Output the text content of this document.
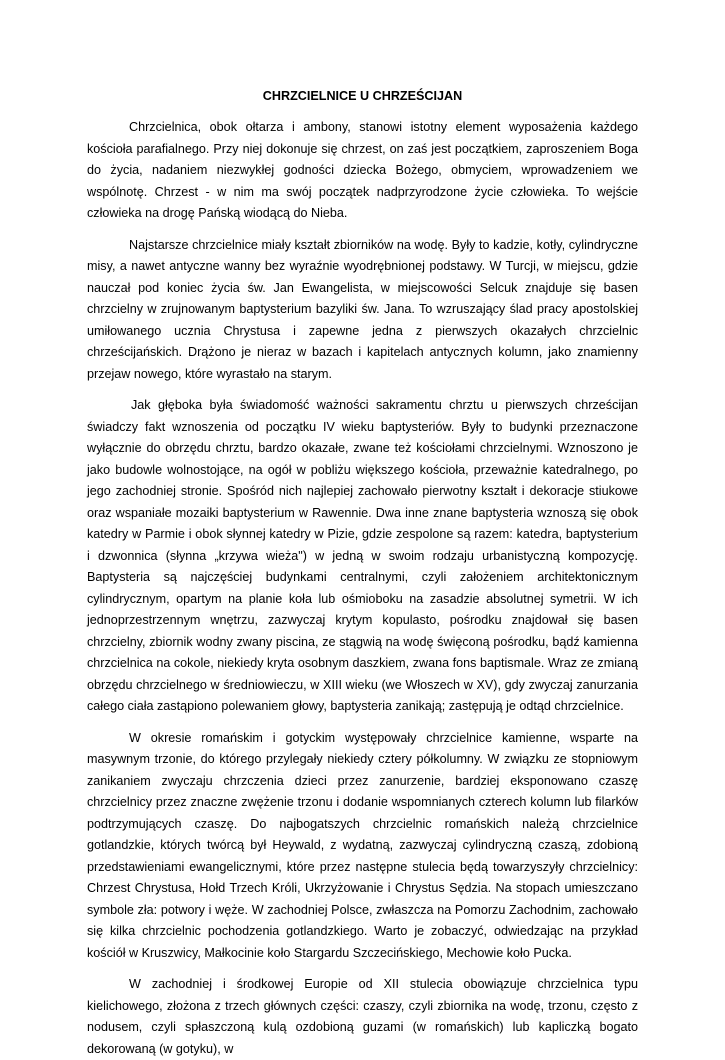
CHRZCIELNICE U CHRZEŚCIJAN

Chrzcielnica, obok ołtarza i ambony, stanowi istotny element wyposażenia każdego kościoła parafialnego. Przy niej dokonuje się chrzest, on zaś jest początkiem, zaproszeniem Boga do życia, nadaniem niezwykłej godności dziecka Bożego, obmyciem, wprowadzeniem we wspólnotę. Chrzest - w nim ma swój początek nadprzyrodzone życie człowieka. To wejście człowieka na drogę Pańską wiodącą do Nieba.

Najstarsze chrzcielnice miały kształt zbiorników na wodę. Były to kadzie, kotły, cylindryczne misy, a nawet antyczne wanny bez wyraźnie wyodrębnionej podstawy. W Turcji, w miejscu, gdzie nauczał pod koniec życia św. Jan Ewangelista, w miejscowości Selcuk znajduje się basen chrzcielny w zrujnowanym baptysterium bazyliki św. Jana. To wzruszający ślad pracy apostolskiej umiłowanego ucznia Chrystusa i zapewne jedna z pierwszych okazałych chrzcielnic chrześcijańskich. Drążono je nieraz w bazach i kapitelach antycznych kolumn, jako znamienny przejaw nowego, które wyrastało na starym.

Jak głęboka była świadomość ważności sakramentu chrztu u pierwszych chrześcijan świadczy fakt wznoszenia od początku IV wieku baptysteriów. Były to budynki przeznaczone wyłącznie do obrzędu chrztu, bardzo okazałe, zwane też kościołami chrzcielnymi. Wznoszono je jako budowle wolnostojące, na ogół w pobliżu większego kościoła, przeważnie katedralnego, po jego zachodniej stronie. Spośród nich najlepiej zachowało pierwotny kształt i dekoracje stiukowe oraz wspaniałe mozaiki baptysterium w Rawennie. Dwa inne znane baptysteria wznoszą się obok katedry w Parmie i obok słynnej katedry w Pizie, gdzie zespolone są razem: katedra, baptysterium i dzwonnica (słynna „krzywa wieża") w jedną w swoim rodzaju urbanistyczną kompozycję. Baptysteria są najczęściej budynkami centralnymi, czyli założeniem architektonicznym cylindrycznym, opartym na planie koła lub ośmioboku na zasadzie absolutnej symetrii. W ich jednoprzestrzennym wnętrzu, zazwyczaj krytym kopulasto, pośrodku znajdował się basen chrzcielny, zbiornik wodny zwany piscina, ze stągwią na wodę święconą pośrodku, bądź kamienna chrzcielnica na cokole, niekiedy kryta osobnym daszkiem, zwana fons baptismale. Wraz ze zmianą obrzędu chrzcielnego w średniowieczu, w XIII wieku (we Włoszech w XV), gdy zwyczaj zanurzania całego ciała zastąpiono polewaniem głowy, baptysteria zanikają; zastępują je odtąd chrzcielnice.

W okresie romańskim i gotyckim występowały chrzcielnice kamienne, wsparte na masywnym trzonie, do którego przylegały niekiedy cztery półkolumny. W związku ze stopniowym zanikaniem zwyczaju chrzczenia dzieci przez zanurzenie, bardziej eksponowano czaszę chrzcielnicy przez znaczne zwężenie trzonu i dodanie wspomnianych czterech kolumn lub filarków podtrzymujących czaszę. Do najbogatszych chrzcielnic romańskich należą chrzcielnice gotlandzkie, których twórcą był Heywald, z wydatną, zazwyczaj cylindryczną czaszą, zdobioną przedstawieniami ewangelicznymi, które przez następne stulecia będą towarzyszyły chrzcielnicy: Chrzest Chrystusa, Hołd Trzech Króli, Ukrzyżowanie i Chrystus Sędzia. Na stopach umieszczano symbole zła: potwory i węże. W zachodniej Polsce, zwłaszcza na Pomorzu Zachodnim, zachowało się kilka chrzcielnic pochodzenia gotlandzkiego. Warto je zobaczyć, odwiedzając na przykład kościół w Kruszwicy, Małkocinie koło Stargardu Szczecińskiego, Mechowie koło Pucka.

W zachodniej i środkowej Europie od XII stulecia obowiązuje chrzcielnica typu kielichowego, złożona z trzech głównych części: czaszy, czyli zbiornika na wodę, trzonu, często z nodusem, czyli spłaszczoną kulą ozdobioną guzami (w romańskich) lub kapliczką bogato dekorowaną (w gotyku), w
